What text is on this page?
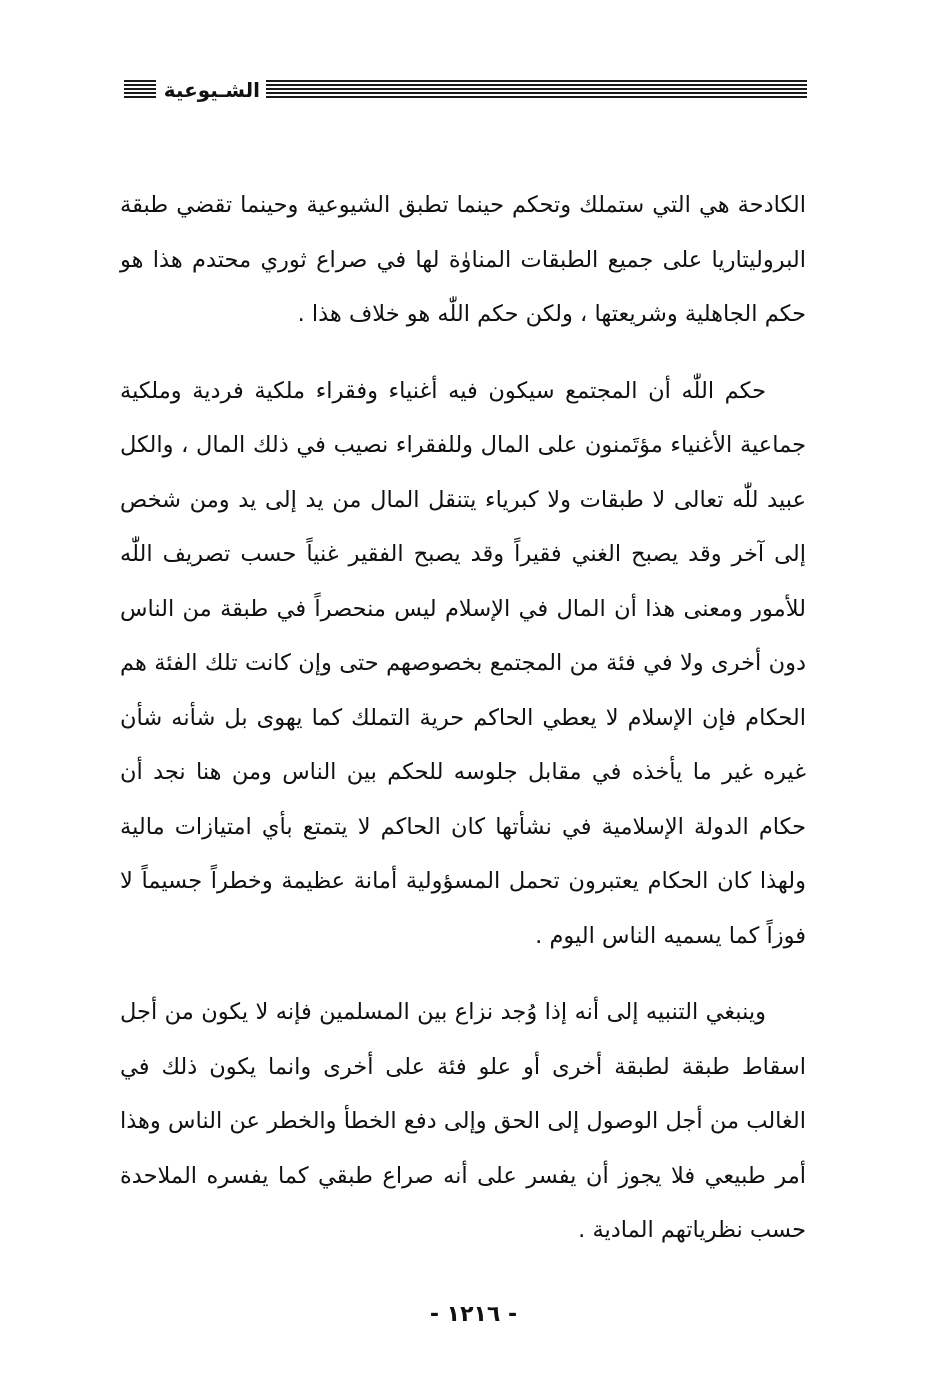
الشـيوعية

الكادحة هي التي ستملك وتحكم حينما تطبق الشيوعية وحينما تقضي طبقة البروليتاريا على جميع الطبقات المناوٰة لها في صراع ثوري محتدم هذا هو حكم الجاهلية وشريعتها ، ولكن حكم اللّٰه هو خلاف هذا .

حكم اللّٰه أن المجتمع سيكون فيه أغنياء وفقراء ملكية فردية وملكية جماعية الأغنياء مؤتَمنون على المال وللفقراء نصيب في ذلك المال ، والكل عبيد للّٰه تعالى لا طبقات ولا كبرياء يتنقل المال من يد إلى يد ومن شخص إلى آخر وقد يصبح الغني فقيراً وقد يصبح الفقير غنياً حسب تصريف اللّٰه للأمور ومعنى هذا أن المال في الإسلام ليس منحصراً في طبقة من الناس دون أخرى ولا في فئة من المجتمع بخصوصهم حتى وإن كانت تلك الفئة هم الحكام فإن الإسلام لا يعطي الحاكم حرية التملك كما يهوى بل شأنه شأن غيره غير ما يأخذه في مقابل جلوسه للحكم بين الناس ومن هنا نجد أن حكام الدولة الإسلامية في نشأتها كان الحاكم لا يتمتع بأي امتيازات مالية ولهذا كان الحكام يعتبرون تحمل المسؤولية أمانة عظيمة وخطراً جسيماً لا فوزاً كما يسميه الناس اليوم .

وينبغي التنبيه إلى أنه إذا وُجد نزاع بين المسلمين فإنه لا يكون من أجل اسقاط طبقة لطبقة أخرى أو علو فئة على أخرى وانما يكون ذلك في الغالب من أجل الوصول إلى الحق وإلى دفع الخطأ والخطر عن الناس وهذا أمر طبيعي فلا يجوز أن يفسر على أنه صراع طبقي كما يفسره الملاحدة حسب نظرياتهم المادية .

- ١٢١٦ -
